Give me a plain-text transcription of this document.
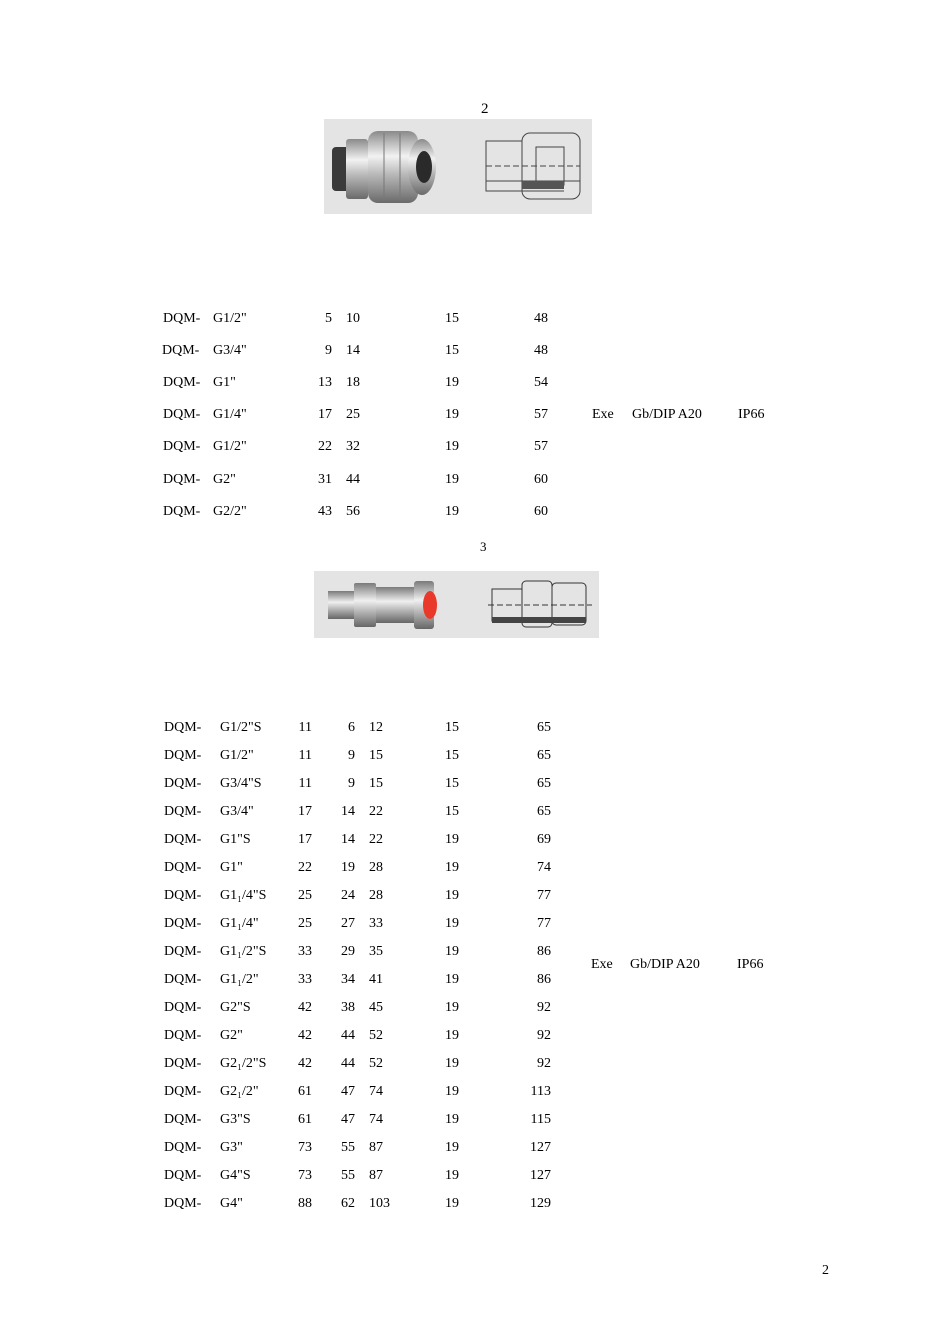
2
DQM- G1/2"	5 10	15	48
DQM- G3/4"	9 14	15	48
DQM- G1"	13 18	19	54
DQM- G1/4"	17 25	19	57
DQM- G1/2"	22 32	19	57
DQM- G2"	31 44	19	60
DQM- G2/2"	43 56	19	60
Exe Gb/DIP A20	IP66
3
DQM- G1/2"S	11	6 12	15	65
DQM- G1/2"	11	9 15	15	65
DQM- G3/4"S	11	9 15	15	65
DQM- G3/4"	17	14 22	15	65
DQM- G1"S	17	14 22	19	69
DQM- G1"	22	19 28	19	74
DQM- G1₁/4"S	25	24 28	19	77
DQM- G1₁/4"	25	27 33	19	77
DQM- G1₁/2"S	33	29 35	19	86
DQM- G1₁/2"	33	34 41	19	86
DQM- G2"S	42	38 45	19	92
DQM- G2"	42	44 52	19	92
DQM- G2₁/2"S	42	44 52	19	92
DQM- G2₁/2"	61	47 74	19	113
DQM- G3"S	61	47 74	19	115
DQM- G3"	73	55 87	19	127
DQM- G4"S	73	55 87	19	127
DQM- G4"	88	62 103	19	129
Exe Gb/DIP A20	IP66
2
